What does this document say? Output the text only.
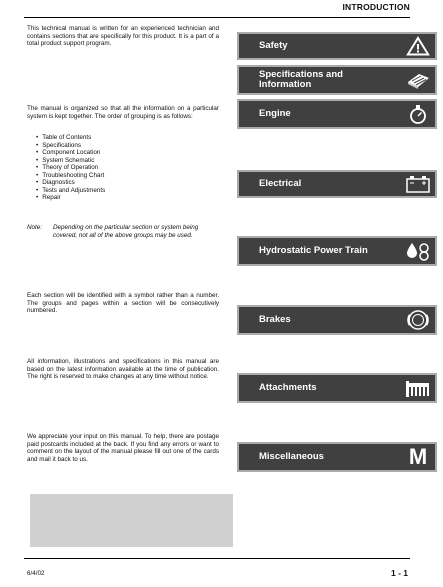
INTRODUCTION

This technical manual is written for an experienced technician and contains sections that are specifically for this product. It is a part of a total product support program.

The manual is organized so that all the information on a particular system is kept together. The order of grouping is as follows:

• Table of Contents
• Specifications
• Component Location
• System Schematic
• Theory of Operation
• Troubleshooting Chart
• Diagnostics
• Tests and Adjustments
• Repair
Note: Depending on the particular section or system being covered, not all of the above groups may be used.

Each section will be identified with a symbol rather than a number. The groups and pages within a section will be consecutively numbered.

All information, illustrations and specifications in this manual are based on the latest information available at the time of publication. The right is reserved to make changes at any time without notice.

We appreciate your input on this manual. To help, there are postage paid postcards included at the back. If you find any errors or want to comment on the layout of the manual please fill out one of the cards and mail it back to us.

Safety
Specifications and Information
Engine
Electrical
Hydrostatic Power Train
Brakes
Attachments
Miscellaneous	M
6/4/02	1 - 1
